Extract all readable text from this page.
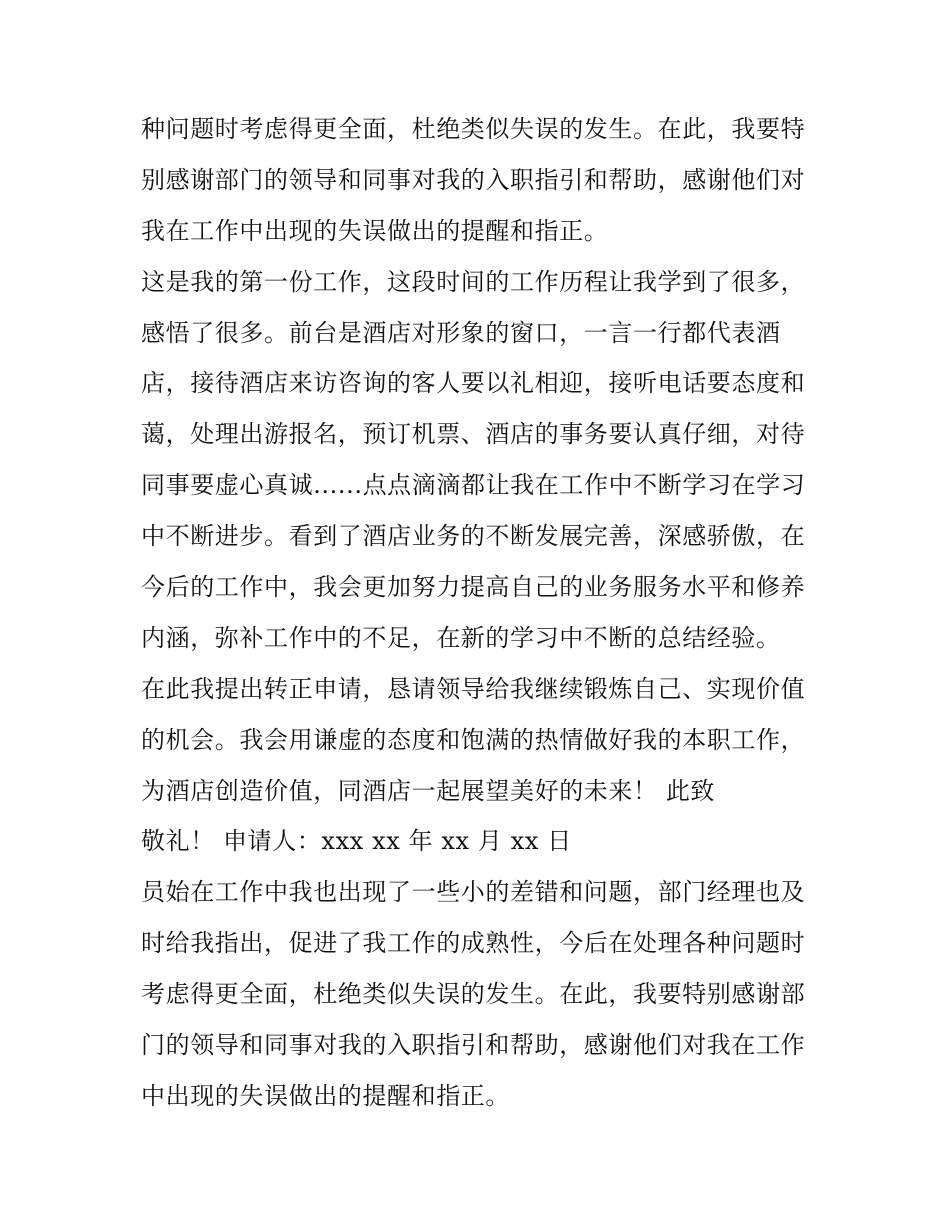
种问题时考虑得更全面，杜绝类似失误的发生。在此，我要特
别感谢部门的领导和同事对我的入职指引和帮助，感谢他们对
我在工作中出现的失误做出的提醒和指正。
这是我的第一份工作，这段时间的工作历程让我学到了很多，
感悟了很多。前台是酒店对形象的窗口，一言一行都代表酒
店，接待酒店来访咨询的客人要以礼相迎，接听电话要态度和
蔼，处理出游报名，预订机票、酒店的事务要认真仔细，对待
同事要虚心真诚......点点滴滴都让我在工作中不断学习在学习
中不断进步。看到了酒店业务的不断发展完善，深感骄傲，在
今后的工作中，我会更加努力提高自己的业务服务水平和修养
内涵，弥补工作中的不足，在新的学习中不断的总结经验。
在此我提出转正申请，恳请领导给我继续锻炼自己、实现价值
的机会。我会用谦虚的态度和饱满的热情做好我的本职工作，
为酒店创造价值，同酒店一起展望美好的未来！ 此致
敬礼！ 申请人：xxx xx 年 xx 月 xx 日
员始在工作中我也出现了一些小的差错和问题，部门经理也及
时给我指出，促进了我工作的成熟性，今后在处理各种问题时
考虑得更全面，杜绝类似失误的发生。在此，我要特别感谢部
门的领导和同事对我的入职指引和帮助，感谢他们对我在工作
中出现的失误做出的提醒和指正。
